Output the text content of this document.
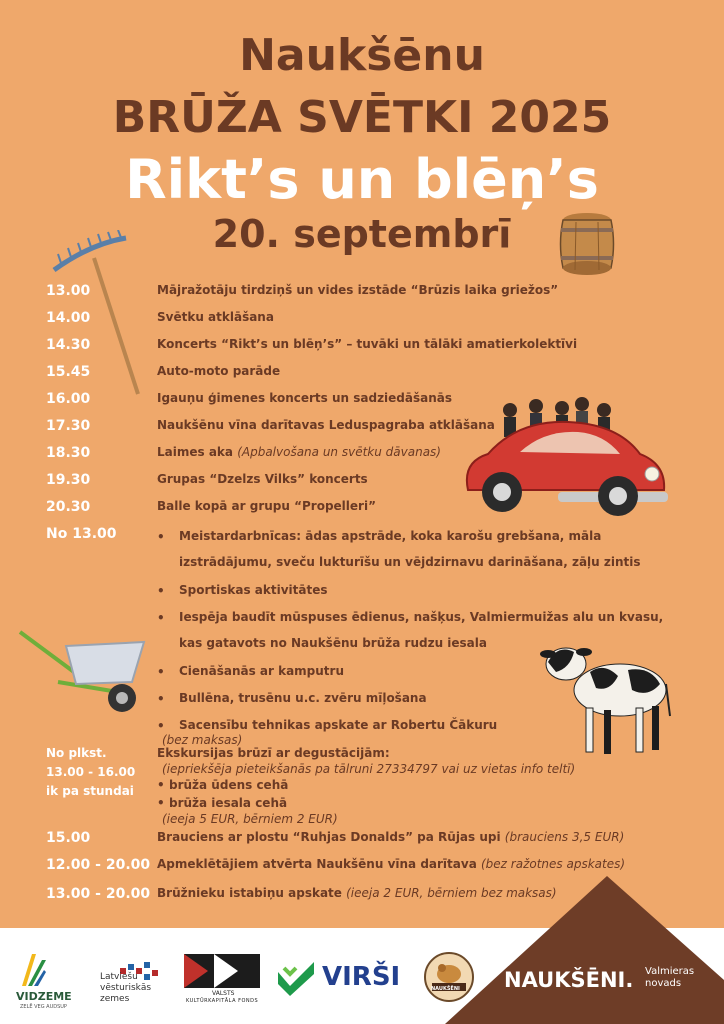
Naukšēnu
BRŪŽA SVĒTKI 2025
Rikt’s un blēņ’s
20. septembrī
13.00	Mājražotāju tirdziņš un vides izstāde “Brūzis laika griežos”
14.00	Svētku atklāšana
14.30	Koncerts “Rikt’s un blēņ’s” – tuvāki un tālāki amatierkolektīvi
15.45	Auto-moto parāde
16.00	Igauņu ģimenes koncerts un sadziedāšanās
17.30	Naukšēnu vīna darītavas Leduspagraba atklāšana
18.30	Laimes aka (Apbalvošana un svētku dāvanas)
19.30	Grupas “Dzelzs Vilks” koncerts
20.30	Balle kopā ar grupu “Propelleri”
No 13.00	• Meistardarbnīcas: ādas apstrāde, koka karošu grebšana, māla izstrādājumu, sveču lukturīšu un vējdzirnavu darināšana, zāļu zintis
• Sportiskas aktivitātes
• Iespēja baudīt mūspuses ēdienus, našķus, Valmiermuižas alu un kvasu, kas gatavots no Naukšēnu brūža rudzu iesala
• Cienāšanās ar kamputru
• Bullēna, trusēnu u.c. zvēru mīļošana
• Sacensību tehnikas apskate ar Robertu Čākuru
(bez maksas)
No plkst.
13.00 - 16.00
ik pa stundai
Ekskursijas brūzī ar degustācijām:
(iepriekšēja pieteikšanās pa tālruni 27334797 vai uz vietas info teltī)
• brūža ūdens cehā
• brūža iesala cehā
(ieeja 5 EUR, bērniem 2 EUR)
15.00	Brauciens ar plostu “Ruhjas Donalds” pa Rūjas upi (brauciens 3,5 EUR)
12.00 - 20.00 Apmeklētājiem atvērta Naukšēnu vīna darītava (bez ražotnes apskates)
13.00 - 20.00 Brūžnieku istabiņu apskate (ieeja 2 EUR, bērniem bez maksas)
VIDZEME
ZELĒ VEG AUDSUP
Latviešu
vēsturiskās
zemes
VALSTS
KULTŪRKAPITĀLA FONDS
VIRŠI	NAUKŠĒNI NAUKŠĒNI. Valmieras
novads
